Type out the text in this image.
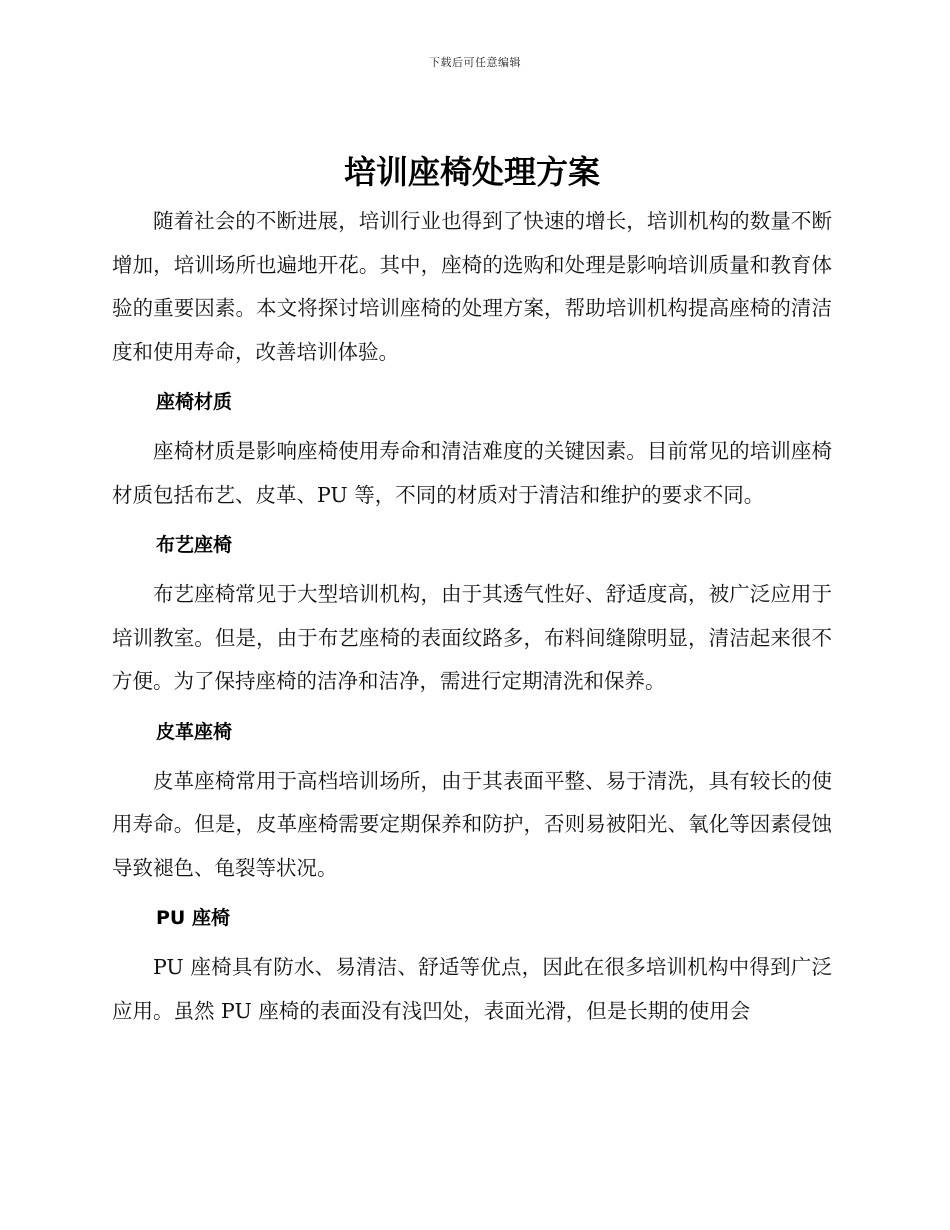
下载后可任意编辑
培训座椅处理方案

随着社会的不断进展，培训行业也得到了快速的增长，培训机构的数量不断增加，培训场所也遍地开花。其中，座椅的选购和处理是影响培训质量和教育体验的重要因素。本文将探讨培训座椅的处理方案，帮助培训机构提高座椅的清洁度和使用寿命，改善培训体验。

座椅材质

座椅材质是影响座椅使用寿命和清洁难度的关键因素。目前常见的培训座椅材质包括布艺、皮革、PU 等，不同的材质对于清洁和维护的要求不同。

布艺座椅

布艺座椅常见于大型培训机构，由于其透气性好、舒适度高，被广泛应用于培训教室。但是，由于布艺座椅的表面纹路多，布料间缝隙明显，清洁起来很不方便。为了保持座椅的洁净和洁净，需进行定期清洗和保养。

皮革座椅

皮革座椅常用于高档培训场所，由于其表面平整、易于清洗，具有较长的使用寿命。但是，皮革座椅需要定期保养和防护，否则易被阳光、氧化等因素侵蚀导致褪色、龟裂等状况。

PU 座椅

PU 座椅具有防水、易清洁、舒适等优点，因此在很多培训机构中得到广泛应用。虽然 PU 座椅的表面没有浅凹处，表面光滑，但是长期的使用会
